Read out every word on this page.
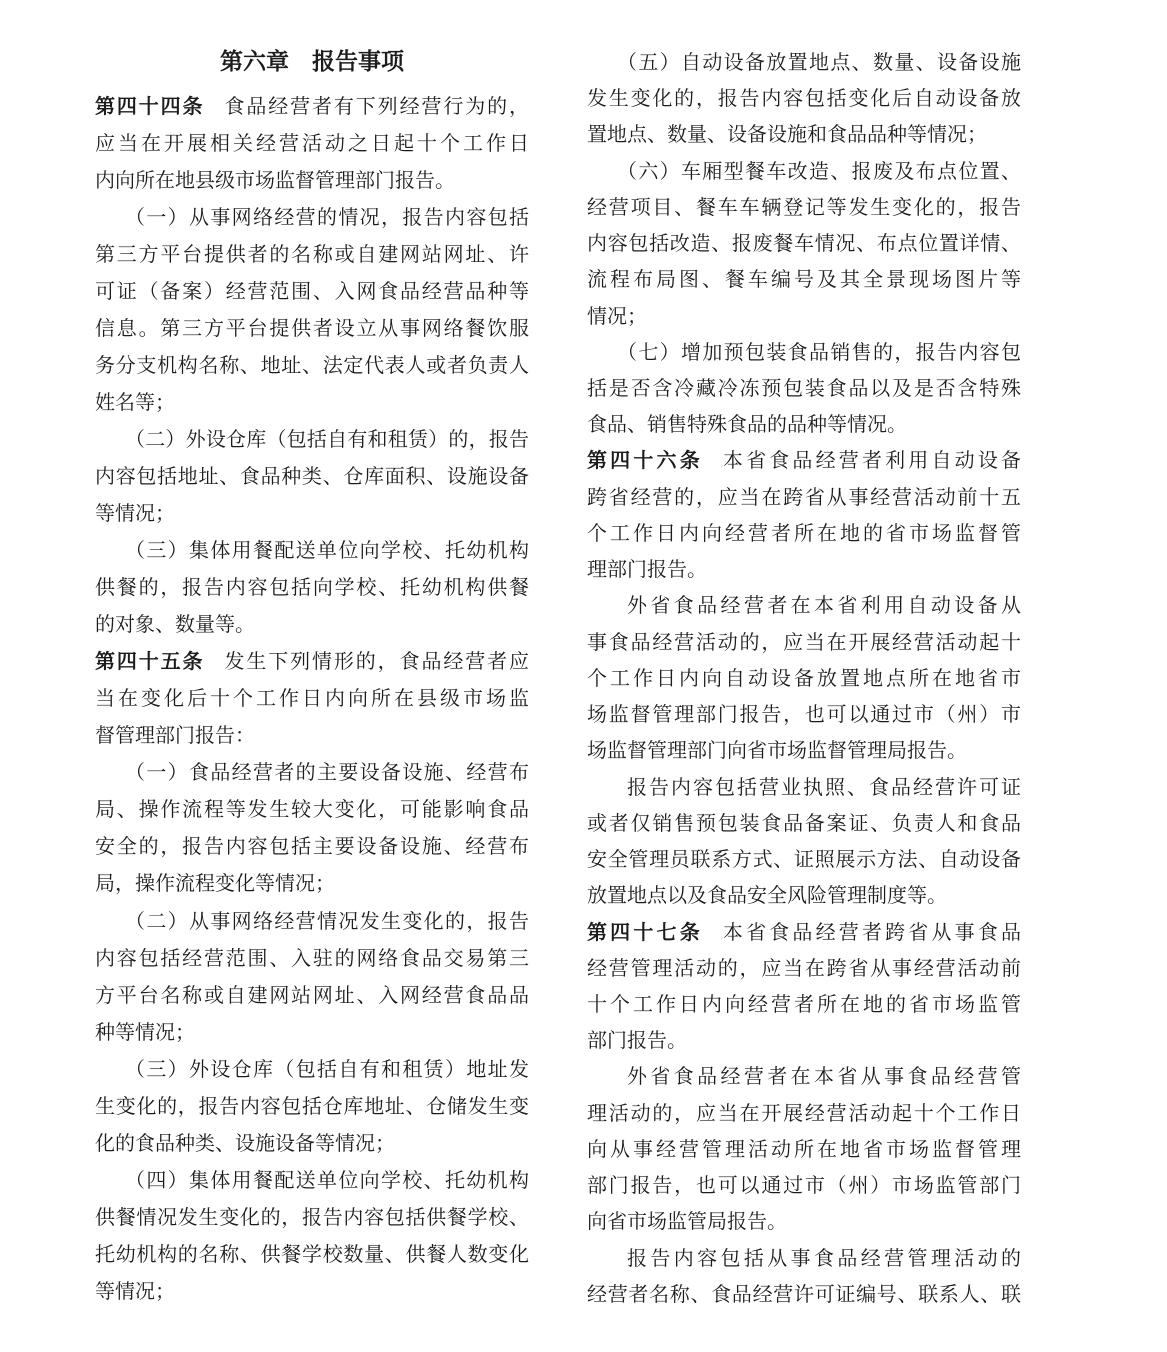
第六章　报告事项
第四十四条 食品经营者有下列经营行为的，
应当在开展相关经营活动之日起十个工作日
内向所在地县级市场监督管理部门报告。
（一）从事网络经营的情况，报告内容包括
第三方平台提供者的名称或自建网站网址、许
可证（备案）经营范围、入网食品经营品种等
信息。第三方平台提供者设立从事网络餐饮服
务分支机构名称、地址、法定代表人或者负责人
姓名等；
（二）外设仓库（包括自有和租赁）的，报告
内容包括地址、食品种类、仓库面积、设施设备
等情况；
（三）集体用餐配送单位向学校、托幼机构
供餐的，报告内容包括向学校、托幼机构供餐
的对象、数量等。
第四十五条 发生下列情形的，食品经营者应
当在变化后十个工作日内向所在县级市场监
督管理部门报告：
（一）食品经营者的主要设备设施、经营布
局、操作流程等发生较大变化，可能影响食品
安全的，报告内容包括主要设备设施、经营布
局，操作流程变化等情况；
（二）从事网络经营情况发生变化的，报告
内容包括经营范围、入驻的网络食品交易第三
方平台名称或自建网站网址、入网经营食品品
种等情况；
（三）外设仓库（包括自有和租赁）地址发
生变化的，报告内容包括仓库地址、仓储发生变
化的食品种类、设施设备等情况；
（四）集体用餐配送单位向学校、托幼机构
供餐情况发生变化的，报告内容包括供餐学校、
托幼机构的名称、供餐学校数量、供餐人数变化
等情况；
（五）自动设备放置地点、数量、设备设施
发生变化的，报告内容包括变化后自动设备放
置地点、数量、设备设施和食品品种等情况；
（六）车厢型餐车改造、报废及布点位置、
经营项目、餐车车辆登记等发生变化的，报告
内容包括改造、报废餐车情况、布点位置详情、
流程布局图、餐车编号及其全景现场图片等
情况；
（七）增加预包装食品销售的，报告内容包
括是否含冷藏冷冻预包装食品以及是否含特殊
食品、销售特殊食品的品种等情况。
第四十六条 本省食品经营者利用自动设备
跨省经营的，应当在跨省从事经营活动前十五
个工作日内向经营者所在地的省市场监督管
理部门报告。
外省食品经营者在本省利用自动设备从
事食品经营活动的，应当在开展经营活动起十
个工作日内向自动设备放置地点所在地省市
场监督管理部门报告，也可以通过市（州）市
场监督管理部门向省市场监督管理局报告。
报告内容包括营业执照、食品经营许可证
或者仅销售预包装食品备案证、负责人和食品
安全管理员联系方式、证照展示方法、自动设备
放置地点以及食品安全风险管理制度等。
第四十七条 本省食品经营者跨省从事食品
经营管理活动的，应当在跨省从事经营活动前
十个工作日内向经营者所在地的省市场监管
部门报告。
外省食品经营者在本省从事食品经营管
理活动的，应当在开展经营活动起十个工作日
向从事经营管理活动所在地省市场监督管理
部门报告，也可以通过市（州）市场监管部门
向省市场监管局报告。
报告内容包括从事食品经营管理活动的
经营者名称、食品经营许可证编号、联系人、联
